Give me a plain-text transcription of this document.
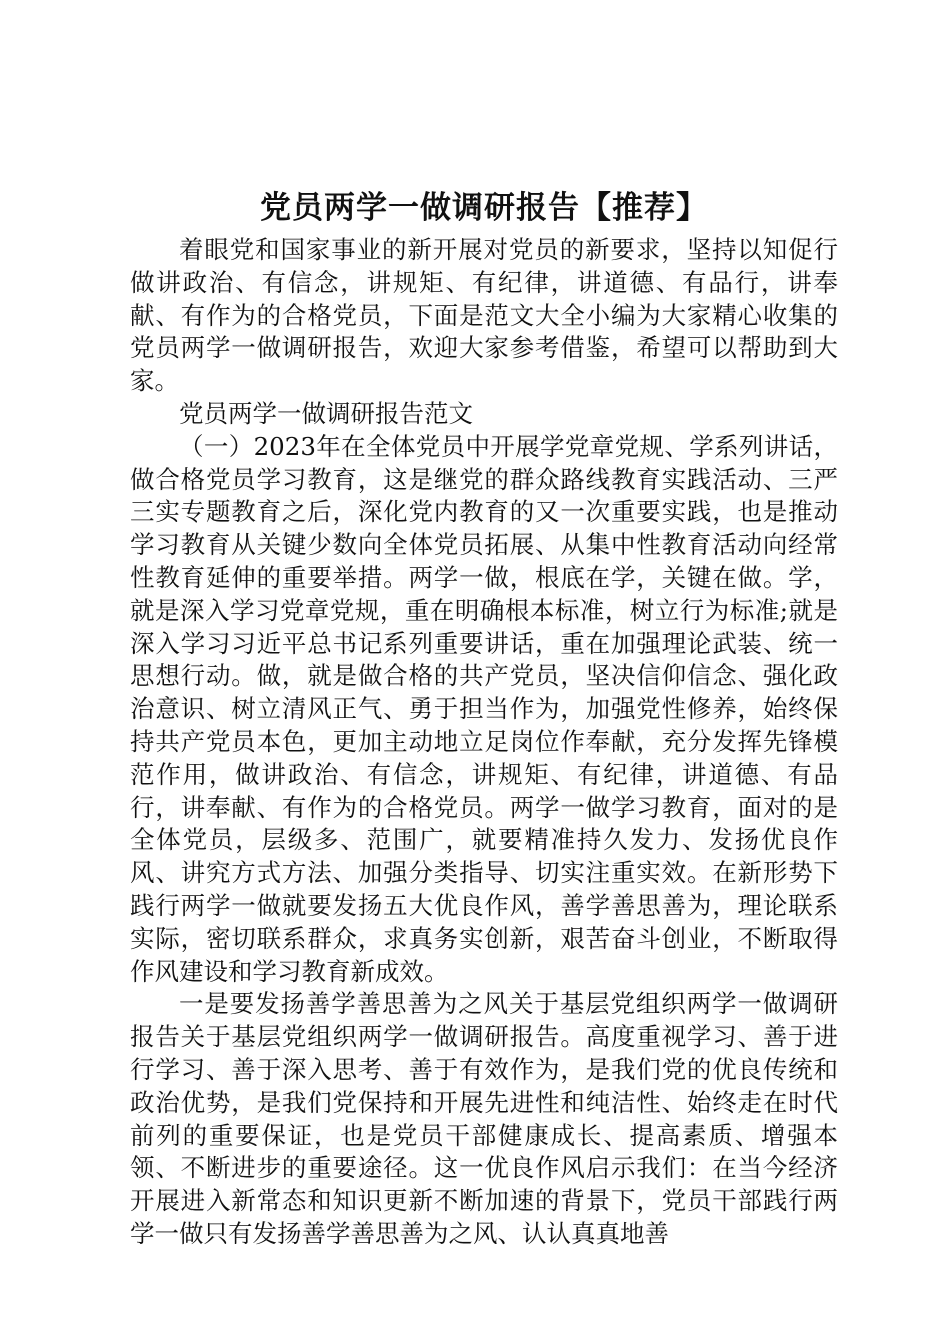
党员两学一做调研报告【推荐】

着眼党和国家事业的新开展对党员的新要求，坚持以知促行做讲政治、有信念，讲规矩、有纪律，讲道德、有品行，讲奉献、有作为的合格党员，下面是范文大全小编为大家精心收集的党员两学一做调研报告，欢迎大家参考借鉴，希望可以帮助到大家。

党员两学一做调研报告范文

（一）2023年在全体党员中开展学党章党规、学系列讲话，做合格党员学习教育，这是继党的群众路线教育实践活动、三严三实专题教育之后，深化党内教育的又一次重要实践，也是推动学习教育从关键少数向全体党员拓展、从集中性教育活动向经常性教育延伸的重要举措。两学一做，根底在学，关键在做。学，就是深入学习党章党规，重在明确根本标准，树立行为标准;就是深入学习习近平总书记系列重要讲话，重在加强理论武装、统一思想行动。做，就是做合格的共产党员，坚决信仰信念、强化政治意识、树立清风正气、勇于担当作为，加强党性修养，始终保持共产党员本色，更加主动地立足岗位作奉献，充分发挥先锋模范作用，做讲政治、有信念，讲规矩、有纪律，讲道德、有品行，讲奉献、有作为的合格党员。两学一做学习教育，面对的是全体党员，层级多、范围广，就要精准持久发力、发扬优良作风、讲究方式方法、加强分类指导、切实注重实效。在新形势下践行两学一做就要发扬五大优良作风，善学善思善为，理论联系实际，密切联系群众，求真务实创新，艰苦奋斗创业，不断取得作风建设和学习教育新成效。

一是要发扬善学善思善为之风关于基层党组织两学一做调研报告关于基层党组织两学一做调研报告。高度重视学习、善于进行学习、善于深入思考、善于有效作为，是我们党的优良传统和政治优势，是我们党保持和开展先进性和纯洁性、始终走在时代前列的重要保证，也是党员干部健康成长、提高素质、增强本领、不断进步的重要途径。这一优良作风启示我们：在当今经济开展进入新常态和知识更新不断加速的背景下，党员干部践行两学一做只有发扬善学善思善为之风、认认真真地善
